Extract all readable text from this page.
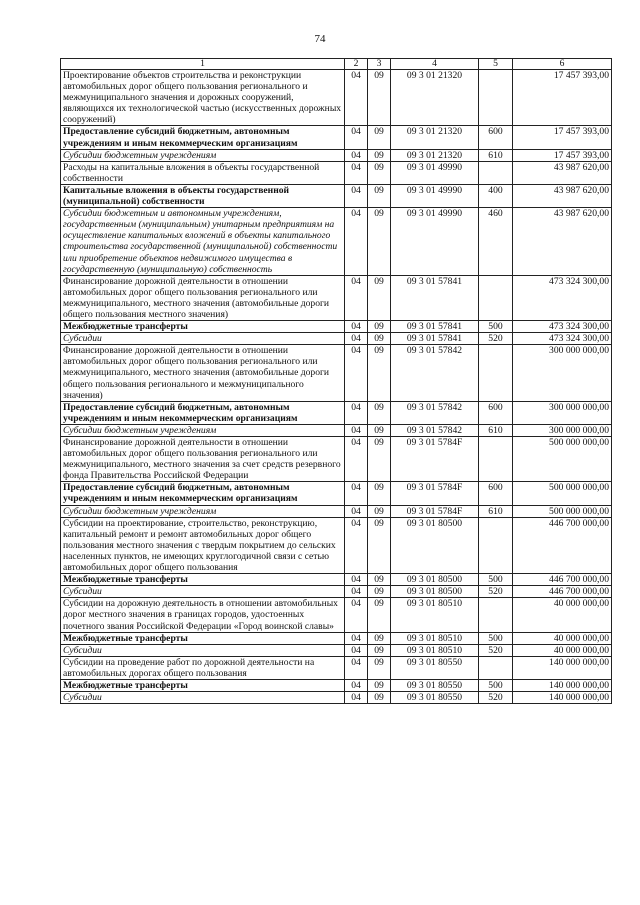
74
1	2	3	4	5	6
Проектирование объектов строительства и реконструкции автомобильных дорог общего пользования регионального и межмуниципального значения и дорожных сооружений, являющихся их технологической частью (искусственных дорожных сооружений)	04	09	09 3 01 21320		17 457 393,00
Предоставление субсидий бюджетным, автономным учреждениям и иным некоммерческим организациям	04	09	09 3 01 21320	600	17 457 393,00
Субсидии бюджетным учреждениям	04	09	09 3 01 21320	610	17 457 393,00
Расходы на капитальные вложения в объекты государственной собственности	04	09	09 3 01 49990		43 987 620,00
Капитальные вложения в объекты государственной (муниципальной) собственности	04	09	09 3 01 49990	400	43 987 620,00
Субсидии бюджетным и автономным учреждениям, государственным (муниципальным) унитарным предприятиям на осуществление капитальных вложений в объекты капитального строительства государственной (муниципальной) собственности или приобретение объектов недвижимого имущества в государственную (муниципальную) собственность	04	09	09 3 01 49990	460	43 987 620,00
Финансирование дорожной деятельности в отношении автомобильных дорог общего пользования регионального или межмуниципального, местного значения (автомобильные дороги общего пользования местного значения)	04	09	09 3 01 57841		473 324 300,00
Межбюджетные трансферты	04	09	09 3 01 57841	500	473 324 300,00
Субсидии	04	09	09 3 01 57841	520	473 324 300,00
Финансирование дорожной деятельности в отношении автомобильных дорог общего пользования регионального или межмуниципального, местного значения (автомобильные дороги общего пользования регионального и межмуниципального значения)	04	09	09 3 01 57842		300 000 000,00
Предоставление субсидий бюджетным, автономным учреждениям и иным некоммерческим организациям	04	09	09 3 01 57842	600	300 000 000,00
Субсидии бюджетным учреждениям	04	09	09 3 01 57842	610	300 000 000,00
Финансирование дорожной деятельности в отношении автомобильных дорог общего пользования регионального или межмуниципального, местного значения за счет средств резервного фонда Правительства Российской Федерации	04	09	09 3 01 5784F		500 000 000,00
Предоставление субсидий бюджетным, автономным учреждениям и иным некоммерческим организациям	04	09	09 3 01 5784F	600	500 000 000,00
Субсидии бюджетным учреждениям	04	09	09 3 01 5784F	610	500 000 000,00
Субсидии на проектирование, строительство, реконструкцию, капитальный ремонт и ремонт автомобильных дорог общего пользования местного значения с твердым покрытием до сельских населенных пунктов, не имеющих круглогодичной связи с сетью автомобильных дорог общего пользования	04	09	09 3 01 80500		446 700 000,00
Межбюджетные трансферты	04	09	09 3 01 80500	500	446 700 000,00
Субсидии	04	09	09 3 01 80500	520	446 700 000,00
Субсидии на дорожную деятельность в отношении автомобильных дорог местного значения в границах городов, удостоенных почетного звания Российской Федерации «Город воинской славы»	04	09	09 3 01 80510		40 000 000,00
Межбюджетные трансферты	04	09	09 3 01 80510	500	40 000 000,00
Субсидии	04	09	09 3 01 80510	520	40 000 000,00
Субсидии на проведение работ по дорожной деятельности на автомобильных дорогах общего пользования	04	09	09 3 01 80550		140 000 000,00
Межбюджетные трансферты	04	09	09 3 01 80550	500	140 000 000,00
Субсидии	04	09	09 3 01 80550	520	140 000 000,00
